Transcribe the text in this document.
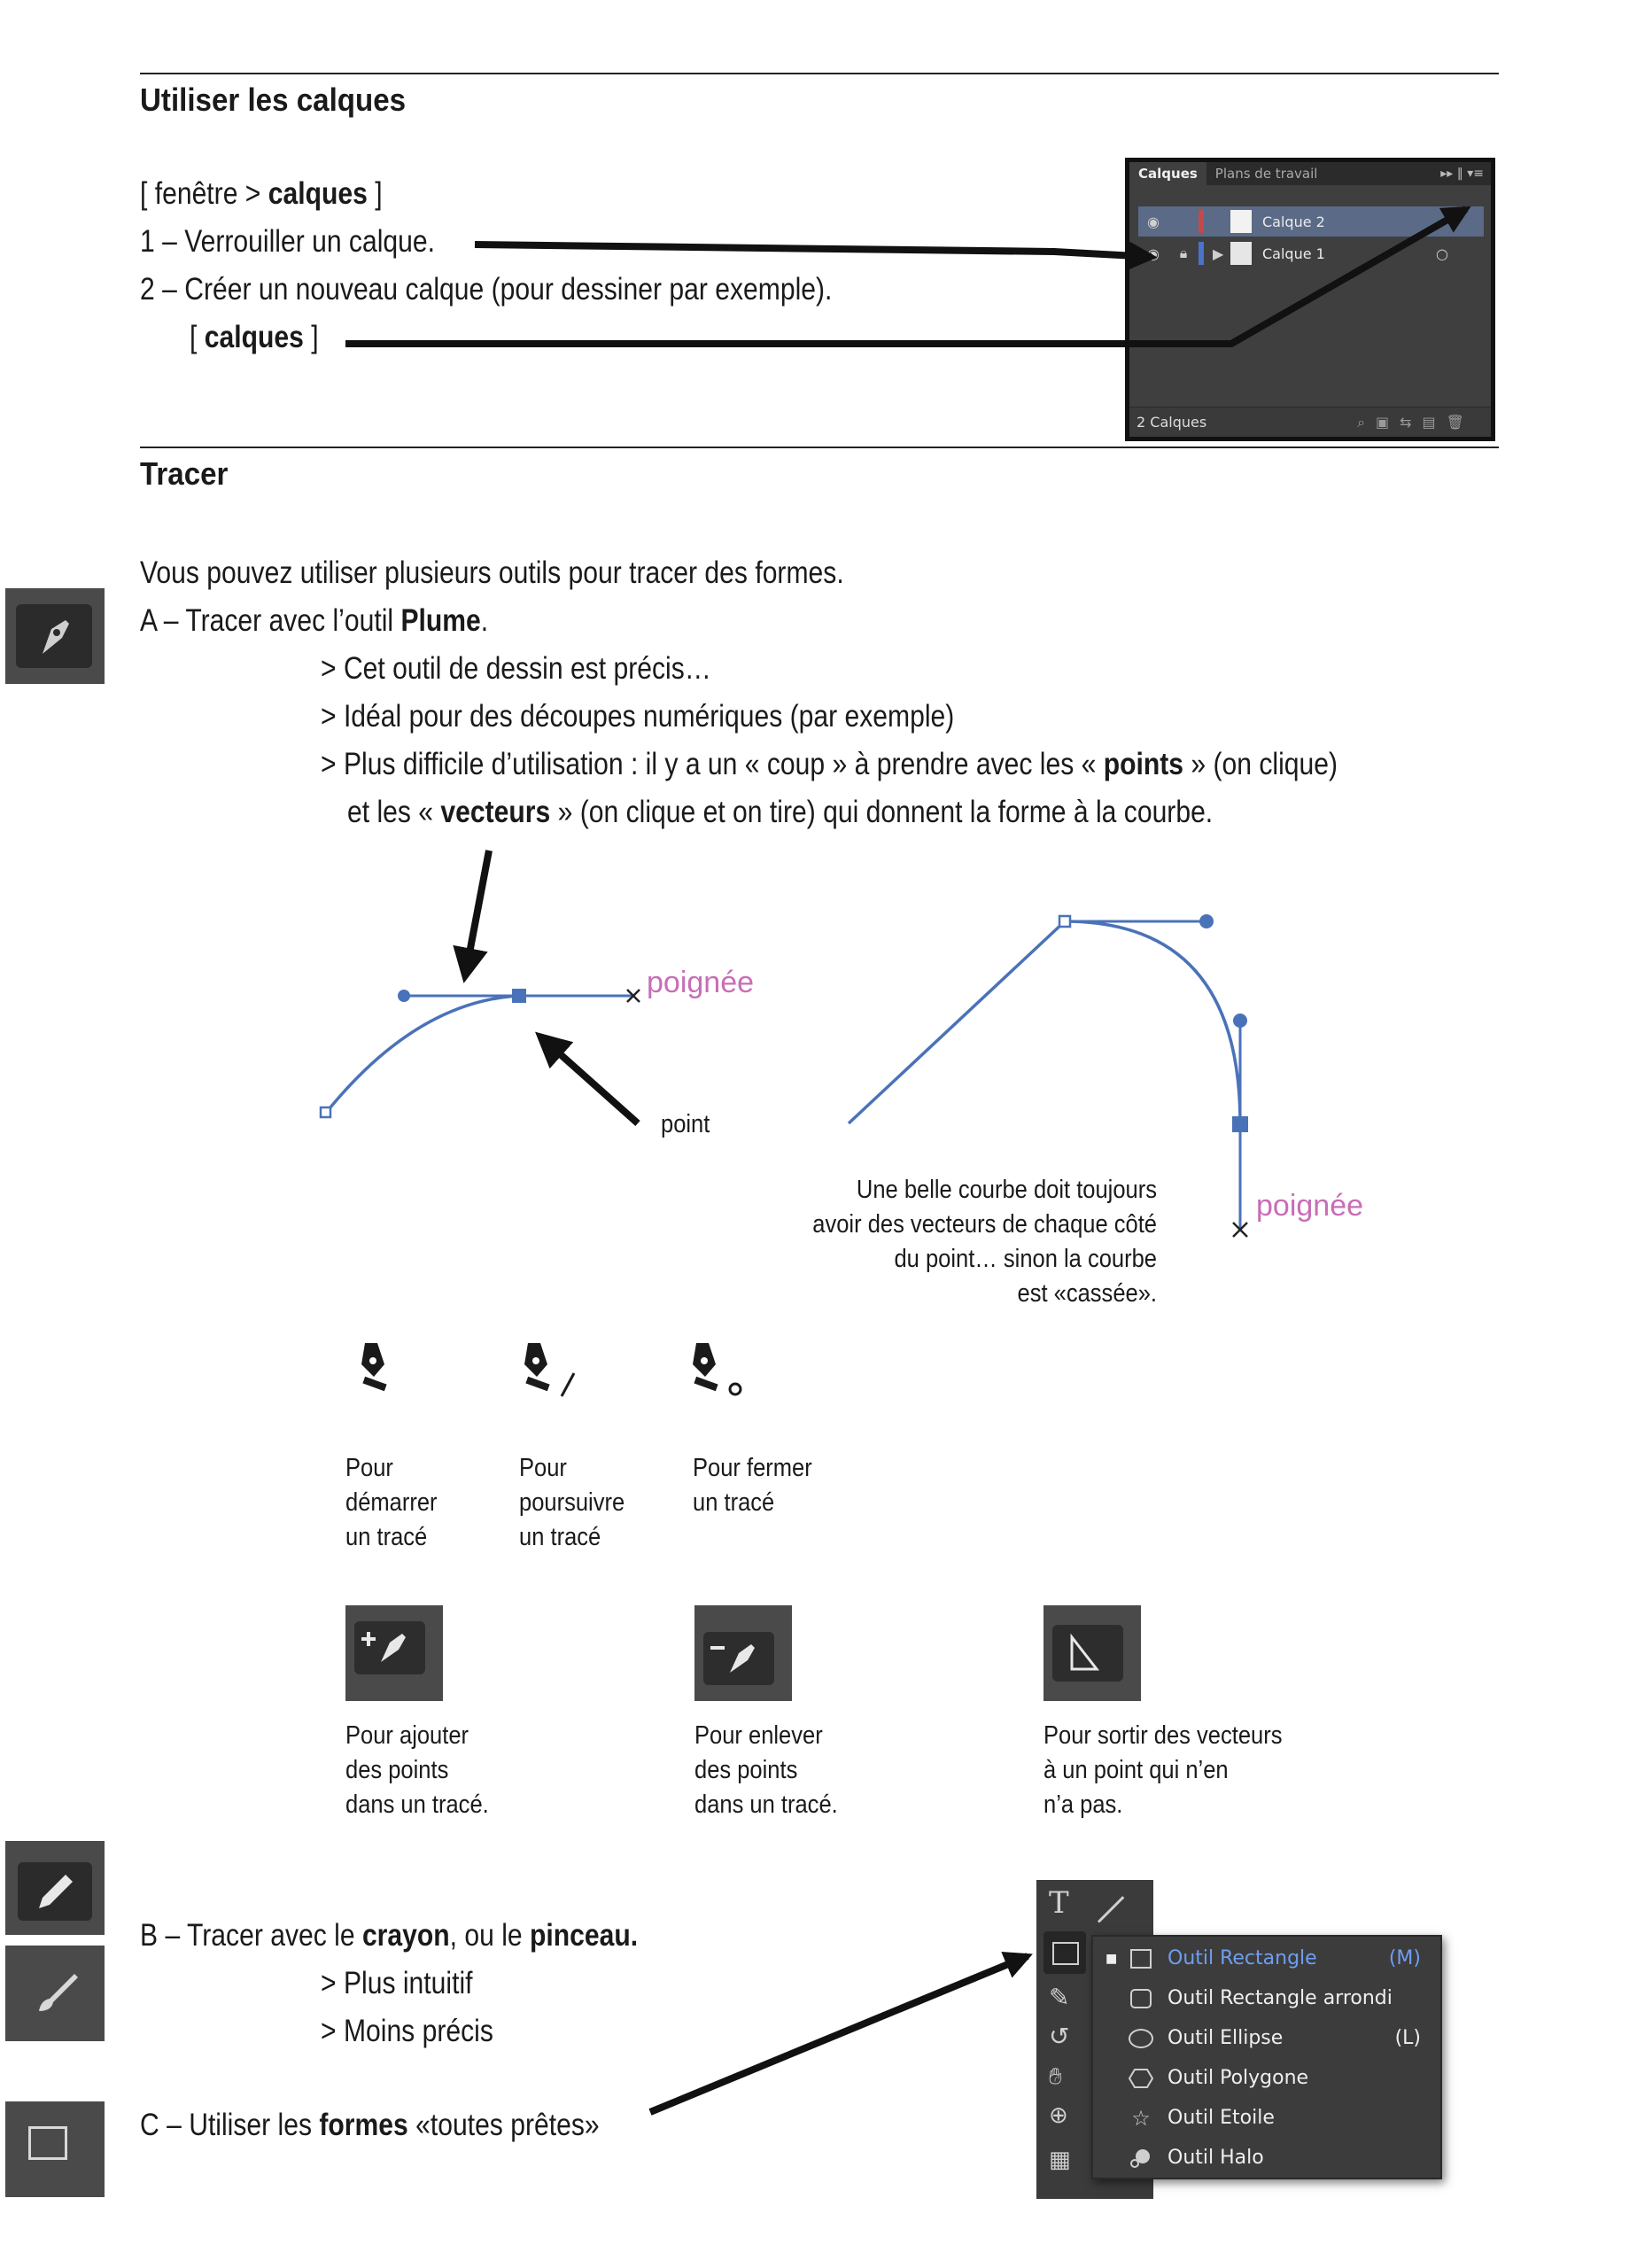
Utiliser les calques
[ fenêtre > calques ]
1 – Verrouiller un calque.
2 – Créer un nouveau calque (pour dessiner par exemple).
[ calques ]
Calques	Plans de travail	▸▸ ‖ ▾≡
◉	Calque 2
◉	🔒︎	▶	Calque 1	○
2 Calques	⌕▣⇆▤🗑︎
Tracer
Vous pouvez utiliser plusieurs outils pour tracer des formes.
A – Tracer avec l’outil Plume.
> Cet outil de dessin est précis…
> Idéal pour des découpes numériques (par exemple)
> Plus difficile d’utilisation : il y a un « coup » à prendre avec les « points » (on clique)
et les « vecteurs » (on clique et on tire) qui donnent la forme à la courbe.
poignée
point
poignée
Une belle courbe doit toujours
avoir des vecteurs de chaque côté
du point… sinon la courbe
est «cassée».
Pour
démarrer
un tracé
Pour
poursuivre
un tracé
Pour fermer
un tracé
Pour ajouter
des points
dans un tracé.
Pour enlever
des points
dans un tracé.
Pour sortir des vecteurs
à un point qui n’en
n’a pas.
B – Tracer avec le crayon, ou le pinceau.
> Plus intuitif
> Moins précis
C – Utiliser les formes «toutes prêtes»
T
✎
↺
✋︎
⊕
▦
■	Outil Rectangle	(M)
Outil Rectangle arrondi
Outil Ellipse	(L)
Outil Polygone
☆ Outil Etoile
Outil Halo
